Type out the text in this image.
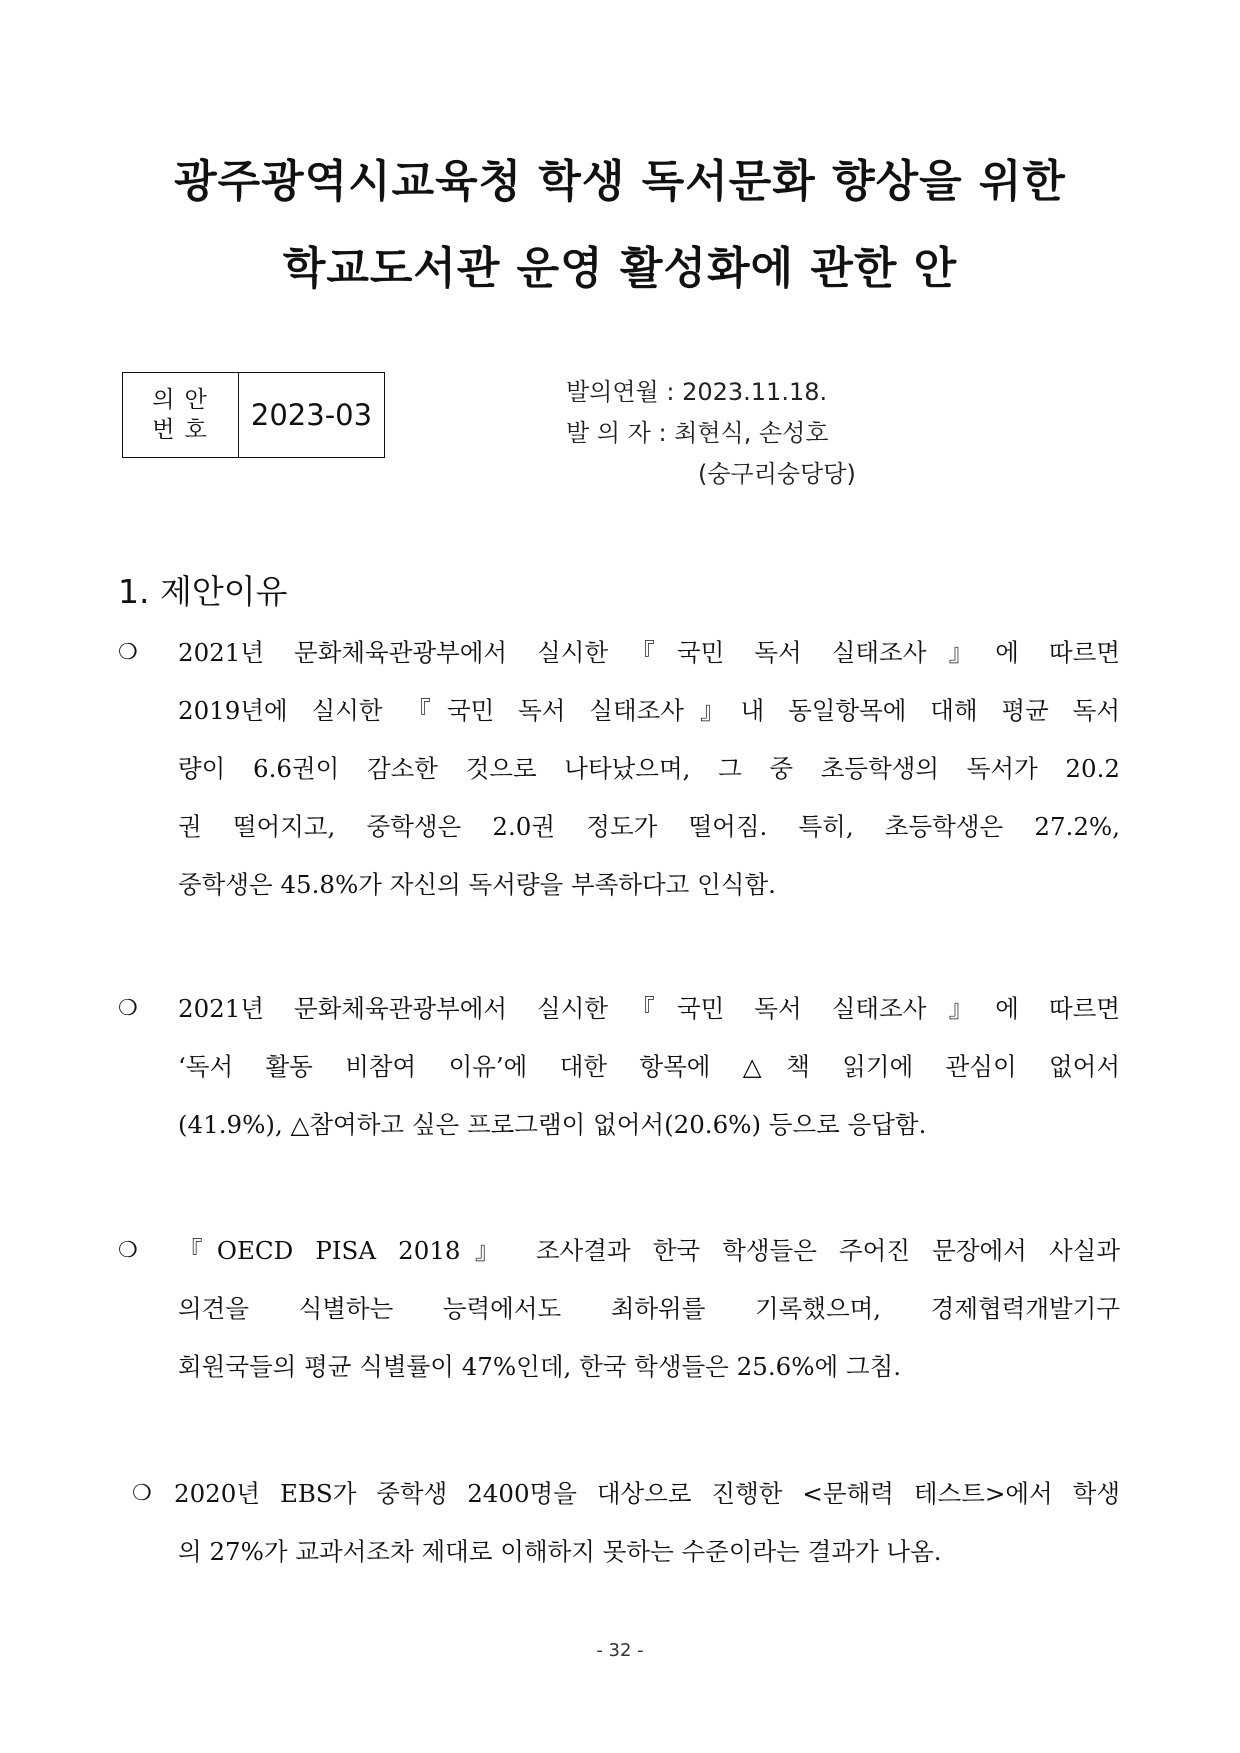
광주광역시교육청 학생 독서문화 향상을 위한
학교도서관 운영 활성화에 관한 안
의안
번호	2023-03
발의연월 : 2023.11.18.
발 의 자 : 최현식, 손성호
(숭구리숭당당)
1. 제안이유
❍ 2021년 문화체육관광부에서 실시한『국민 독서 실태조사』에 따르면
2019년에 실시한 『국민 독서 실태조사』내 동일항목에 대해 평균 독서
량이 6.6권이 감소한 것으로 나타났으며, 그 중 초등학생의 독서가 20.2
권 떨어지고, 중학생은 2.0권 정도가 떨어짐. 특히, 초등학생은 27.2%,
중학생은 45.8%가 자신의 독서량을 부족하다고 인식함.
❍ 2021년 문화체육관광부에서 실시한『국민 독서 실태조사』에 따르면
‘독서 활동 비참여 이유’에 대한 항목에 △책 읽기에 관심이 없어서
(41.9%), △참여하고 싶은 프로그램이 없어서(20.6%) 등으로 응답함.
❍ 『OECD PISA 2018』 조사결과 한국 학생들은 주어진 문장에서 사실과
의견을 식별하는 능력에서도 최하위를 기록했으며, 경제협력개발기구
회원국들의 평균 식별률이 47%인데, 한국 학생들은 25.6%에 그침.
❍ 2020년 EBS가 중학생 2400명을 대상으로 진행한 <문해력 테스트>에서 학생
의 27%가 교과서조차 제대로 이해하지 못하는 수준이라는 결과가 나옴.
- 32 -
